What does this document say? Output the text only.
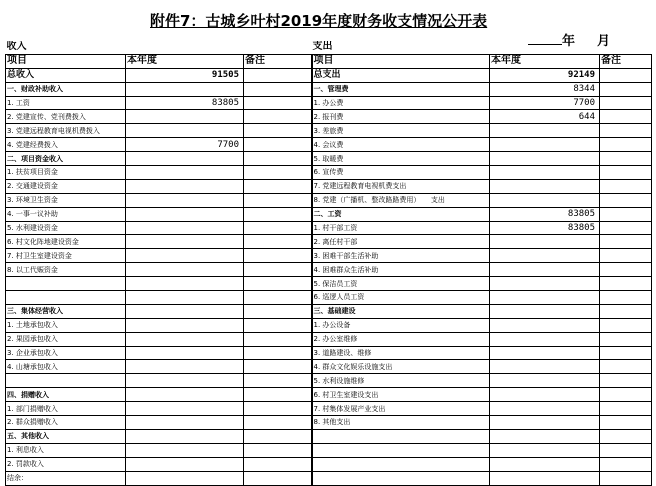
附件7：古城乡叶村2019年度财务收支情况公开表
年 月
收入			支出		
项目	本年度	备注	项目	本年度	备注
总收入	91505		总支出	92149	
一、财政补助收入			一、管理费	8344	
1. 工资	83805		1. 办公费	7700	
2. 党建宣传、党刊费拨入			2. 报刊费	644	
3. 党建远程教育电视机费拨入			3. 差旅费		
4. 党建经费拨入	7700		4. 会议费		
二、项目资金收入			5. 取暖费		
1. 扶贫项目资金			6. 宣传费		
2. 交通建设资金			7. 党建远程教育电视机费支出		
3. 环境卫生资金			8. 党建（广播机、整改路路费用）　　支出		
4. 一事一议补助			二、工资	83805	
5. 水利建设资金			1. 村干部工资	83805	
6. 村文化阵地建设资金			2. 离任村干部		
7. 村卫生室建设资金			3. 困难干部生活补助		
8. 以工代赈资金			4. 困难群众生活补助		
			5. 保洁员工资		
			6. 巡逻人员工资		
三、集体经营收入			三、基础建设		
1. 土地承包收入			1. 办公设备		
2. 果园承包收入			2. 办公室维修		
3. 企业承包收入			3. 道路建设、维修		
4. 山塘承包收入			4. 群众文化娱乐设施支出		
			5. 水利设施维修		
四、捐赠收入			6. 村卫生室建设支出		
1. 部门捐赠收入			7. 村集体发展产业支出		
2. 群众捐赠收入			8. 其他支出		
五、其他收入					
1. 利息收入					
2. 罚款收入					
结余：					
